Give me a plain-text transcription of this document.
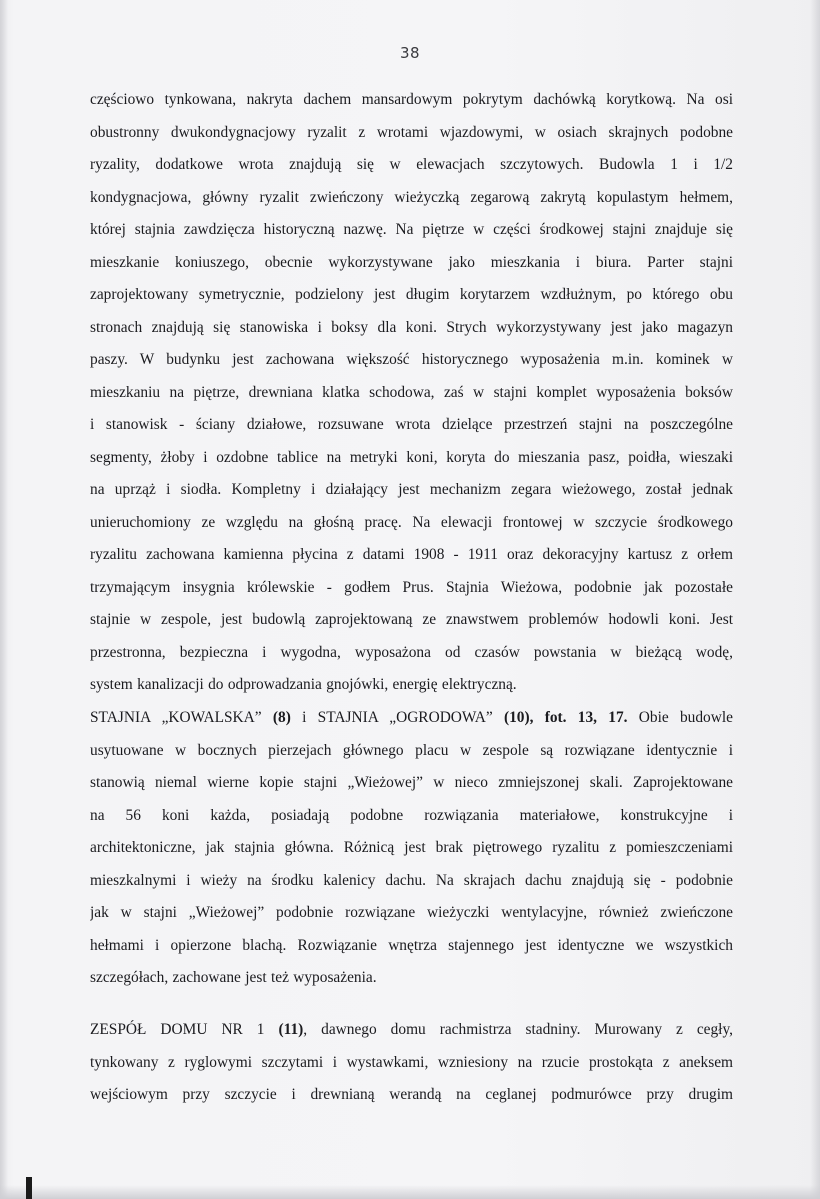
38
częściowo tynkowana, nakryta dachem mansardowym pokrytym dachówką korytkową. Na osi
obustronny dwukondygnacjowy ryzalit z wrotami wjazdowymi, w osiach skrajnych podobne
ryzality, dodatkowe wrota znajdują się w elewacjach szczytowych. Budowla 1 i 1/2
kondygnacjowa, główny ryzalit zwieńczony wieżyczką zegarową zakrytą kopulastym hełmem,
której stajnia zawdzięcza historyczną nazwę. Na piętrze w części środkowej stajni znajduje się
mieszkanie koniuszego, obecnie wykorzystywane jako mieszkania i biura. Parter stajni
zaprojektowany symetrycznie, podzielony jest długim korytarzem wzdłużnym, po którego obu
stronach znajdują się stanowiska i boksy dla koni. Strych wykorzystywany jest jako magazyn
paszy. W budynku jest zachowana większość historycznego wyposażenia m.in. kominek w
mieszkaniu na piętrze, drewniana klatka schodowa, zaś w stajni komplet wyposażenia boksów
i stanowisk - ściany działowe, rozsuwane wrota dzielące przestrzeń stajni na poszczególne
segmenty, żłoby i ozdobne tablice na metryki koni, koryta do mieszania pasz, poidła, wieszaki
na uprząż i siodła. Kompletny i działający jest mechanizm zegara wieżowego, został jednak
unieruchomiony ze względu na głośną pracę. Na elewacji frontowej w szczycie środkowego
ryzalitu zachowana kamienna płycina z datami 1908 - 1911 oraz dekoracyjny kartusz z orłem
trzymającym insygnia królewskie - godłem Prus. Stajnia Wieżowa, podobnie jak pozostałe
stajnie w zespole, jest budowlą zaprojektowaną ze znawstwem problemów hodowli koni. Jest
przestronna, bezpieczna i wygodna, wyposażona od czasów powstania w bieżącą wodę,
system kanalizacji do odprowadzania gnojówki, energię elektryczną.
STAJNIA „KOWALSKA” (8) i STAJNIA „OGRODOWA” (10), fot. 13, 17. Obie budowle
usytuowane w bocznych pierzejach głównego placu w zespole są rozwiązane identycznie i
stanowią niemal wierne kopie stajni „Wieżowej” w nieco zmniejszonej skali. Zaprojektowane
na 56 koni każda, posiadają podobne rozwiązania materiałowe, konstrukcyjne i
architektoniczne, jak stajnia główna. Różnicą jest brak piętrowego ryzalitu z pomieszczeniami
mieszkalnymi i wieży na środku kalenicy dachu. Na skrajach dachu znajdują się - podobnie
jak w stajni „Wieżowej” podobnie rozwiązane wieżyczki wentylacyjne, również zwieńczone
hełmami i opierzone blachą. Rozwiązanie wnętrza stajennego jest identyczne we wszystkich
szczegółach, zachowane jest też wyposażenia.
ZESPÓŁ DOMU NR 1 (11), dawnego domu rachmistrza stadniny. Murowany z cegły,
tynkowany z ryglowymi szczytami i wystawkami, wzniesiony na rzucie prostokąta z aneksem
wejściowym przy szczycie i drewnianą werandą na ceglanej podmurówce przy drugim
